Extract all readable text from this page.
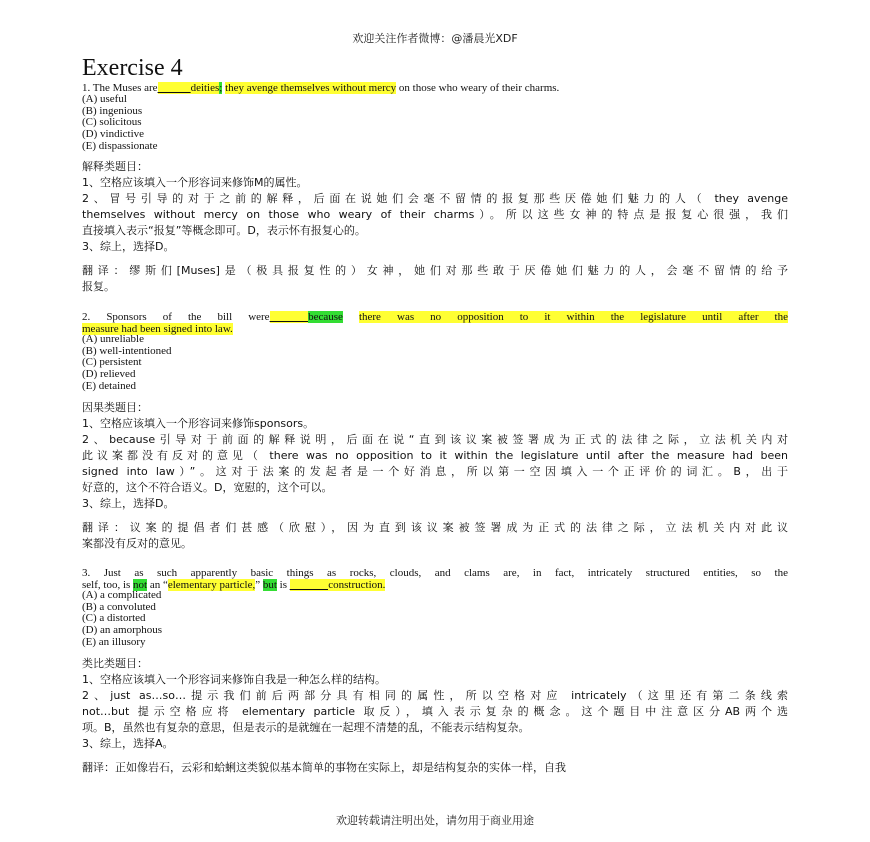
欢迎关注作者微博：@潘晨光XDF
Exercise 4
1. The Muses are______deities; they avenge themselves without mercy on those who weary of their charms.
(A) useful
(B) ingenious
(C) solicitous
(D) vindictive
(E) dispassionate

解释类题目：

1、空格应该填入一个形容词来修饰M的属性。

2、冒号引导的对于之前的解释，后面在说她们会毫不留情的报复那些厌倦她们魅力的人（ they avenge

themselves without mercy on those who weary of their charms）。所以这些女神的特点是报复心很强，我们

直接填入表示“报复”等概念即可。D，表示怀有报复心的。

3、综上，选择D。

翻译：缪斯们[Muses]是（极具报复性的）女神，她们对那些敢于厌倦她们魅力的人，会毫不留情的给予

报复。

2. Sponsors of the bill were_______because there was no opposition to it within the legislature until after the
measure had been signed into law.
(A) unreliable
(B) well-intentioned
(C) persistent
(D) relieved
(E) detained

因果类题目：

1、空格应该填入一个形容词来修饰sponsors。

2、because引导对于前面的解释说明，后面在说“直到该议案被签署成为正式的法律之际，立法机关内对

此议案都没有反对的意见（ there was no opposition to it within the legislature until after the measure had been

signed into law）”。这对于法案的发起者是一个好消息，所以第一空因填入一个正评价的词汇。B，出于

好意的，这个不符合语义。D，宽慰的，这个可以。

3、综上，选择D。

翻译：议案的提倡者们甚感（欣慰），因为直到该议案被签署成为正式的法律之际，立法机关内对此议

案都没有反对的意见。

3. Just as such apparently basic things as rocks, clouds, and clams are, in fact, intricately structured entities, so the
self, too, is not an “elementary particle,” but is _______construction.
(A) a complicated
(B) a convoluted
(C) a distorted
(D) an amorphous
(E) an illusory

类比类题目：

1、空格应该填入一个形容词来修饰自我是一种怎么样的结构。

2、just as…so…提示我们前后两部分具有相同的属性，所以空格对应 intricately（这里还有第二条线索

not…but 提示空格应将 elementary particle 取反），填入表示复杂的概念。这个题目中注意区分AB两个选

项。B，虽然也有复杂的意思，但是表示的是就缠在一起理不清楚的乱，不能表示结构复杂。

3、综上，选择A。

翻译：正如像岩石，云彩和蛤蜊这类貌似基本简单的事物在实际上，却是结构复杂的实体一样，自我

欢迎转载请注明出处，请勿用于商业用途
